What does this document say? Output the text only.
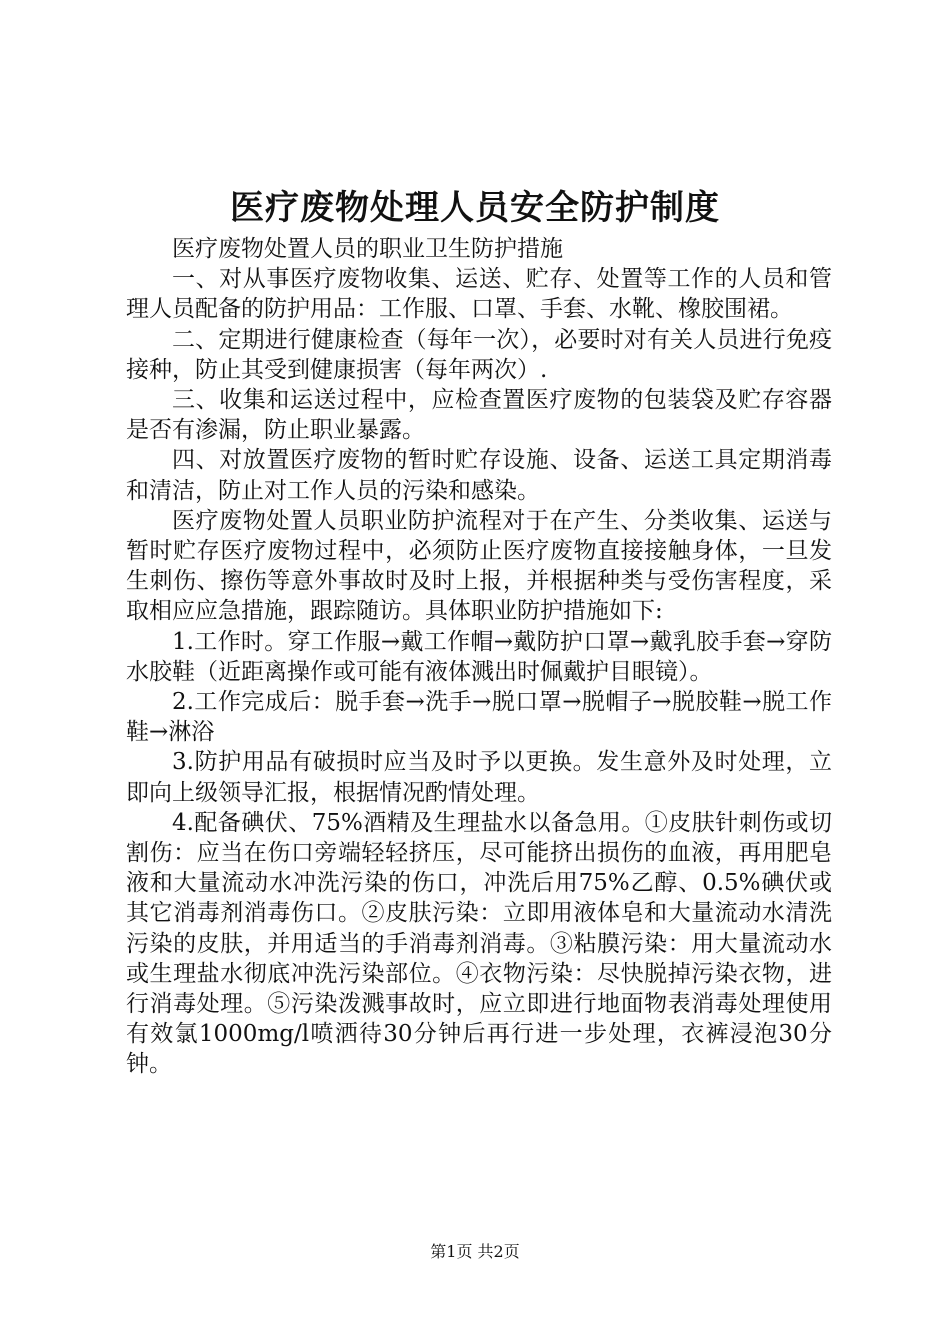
医疗废物处理人员安全防护制度

医疗废物处置人员的职业卫生防护措施

一、对从事医疗废物收集、运送、贮存、处置等工作的人员和管理人员配备的防护用品：工作服、口罩、手套、水靴、橡胶围裙。

二、定期进行健康检查（每年一次），必要时对有关人员进行免疫接种，防止其受到健康损害（每年两次）.

三、收集和运送过程中，应检查置医疗废物的包装袋及贮存容器是否有渗漏，防止职业暴露。

四、对放置医疗废物的暂时贮存设施、设备、运送工具定期消毒和清洁，防止对工作人员的污染和感染。

医疗废物处置人员职业防护流程对于在产生、分类收集、运送与暂时贮存医疗废物过程中，必须防止医疗废物直接接触身体，一旦发生刺伤、擦伤等意外事故时及时上报，并根据种类与受伤害程度，采取相应应急措施，跟踪随访。具体职业防护措施如下:

1.工作时。穿工作服→戴工作帽→戴防护口罩→戴乳胶手套→穿防水胶鞋（近距离操作或可能有液体溅出时佩戴护目眼镜）。

2.工作完成后：脱手套→洗手→脱口罩→脱帽子→脱胶鞋→脱工作鞋→淋浴

3.防护用品有破损时应当及时予以更换。发生意外及时处理，立即向上级领导汇报，根据情况酌情处理。

4.配备碘伏、75%酒精及生理盐水以备急用。①皮肤针刺伤或切割伤：应当在伤口旁端轻轻挤压，尽可能挤出损伤的血液，再用肥皂液和大量流动水冲洗污染的伤口，冲洗后用75%乙醇、0.5%碘伏或其它消毒剂消毒伤口。②皮肤污染：立即用液体皂和大量流动水清洗污染的皮肤，并用适当的手消毒剂消毒。③粘膜污染：用大量流动水或生理盐水彻底冲洗污染部位。④衣物污染：尽快脱掉污染衣物，进行消毒处理。⑤污染泼溅事故时，应立即进行地面物表消毒处理使用有效氯1000mg/l喷洒待30分钟后再行进一步处理，衣裤浸泡30分钟。

第1页 共2页
